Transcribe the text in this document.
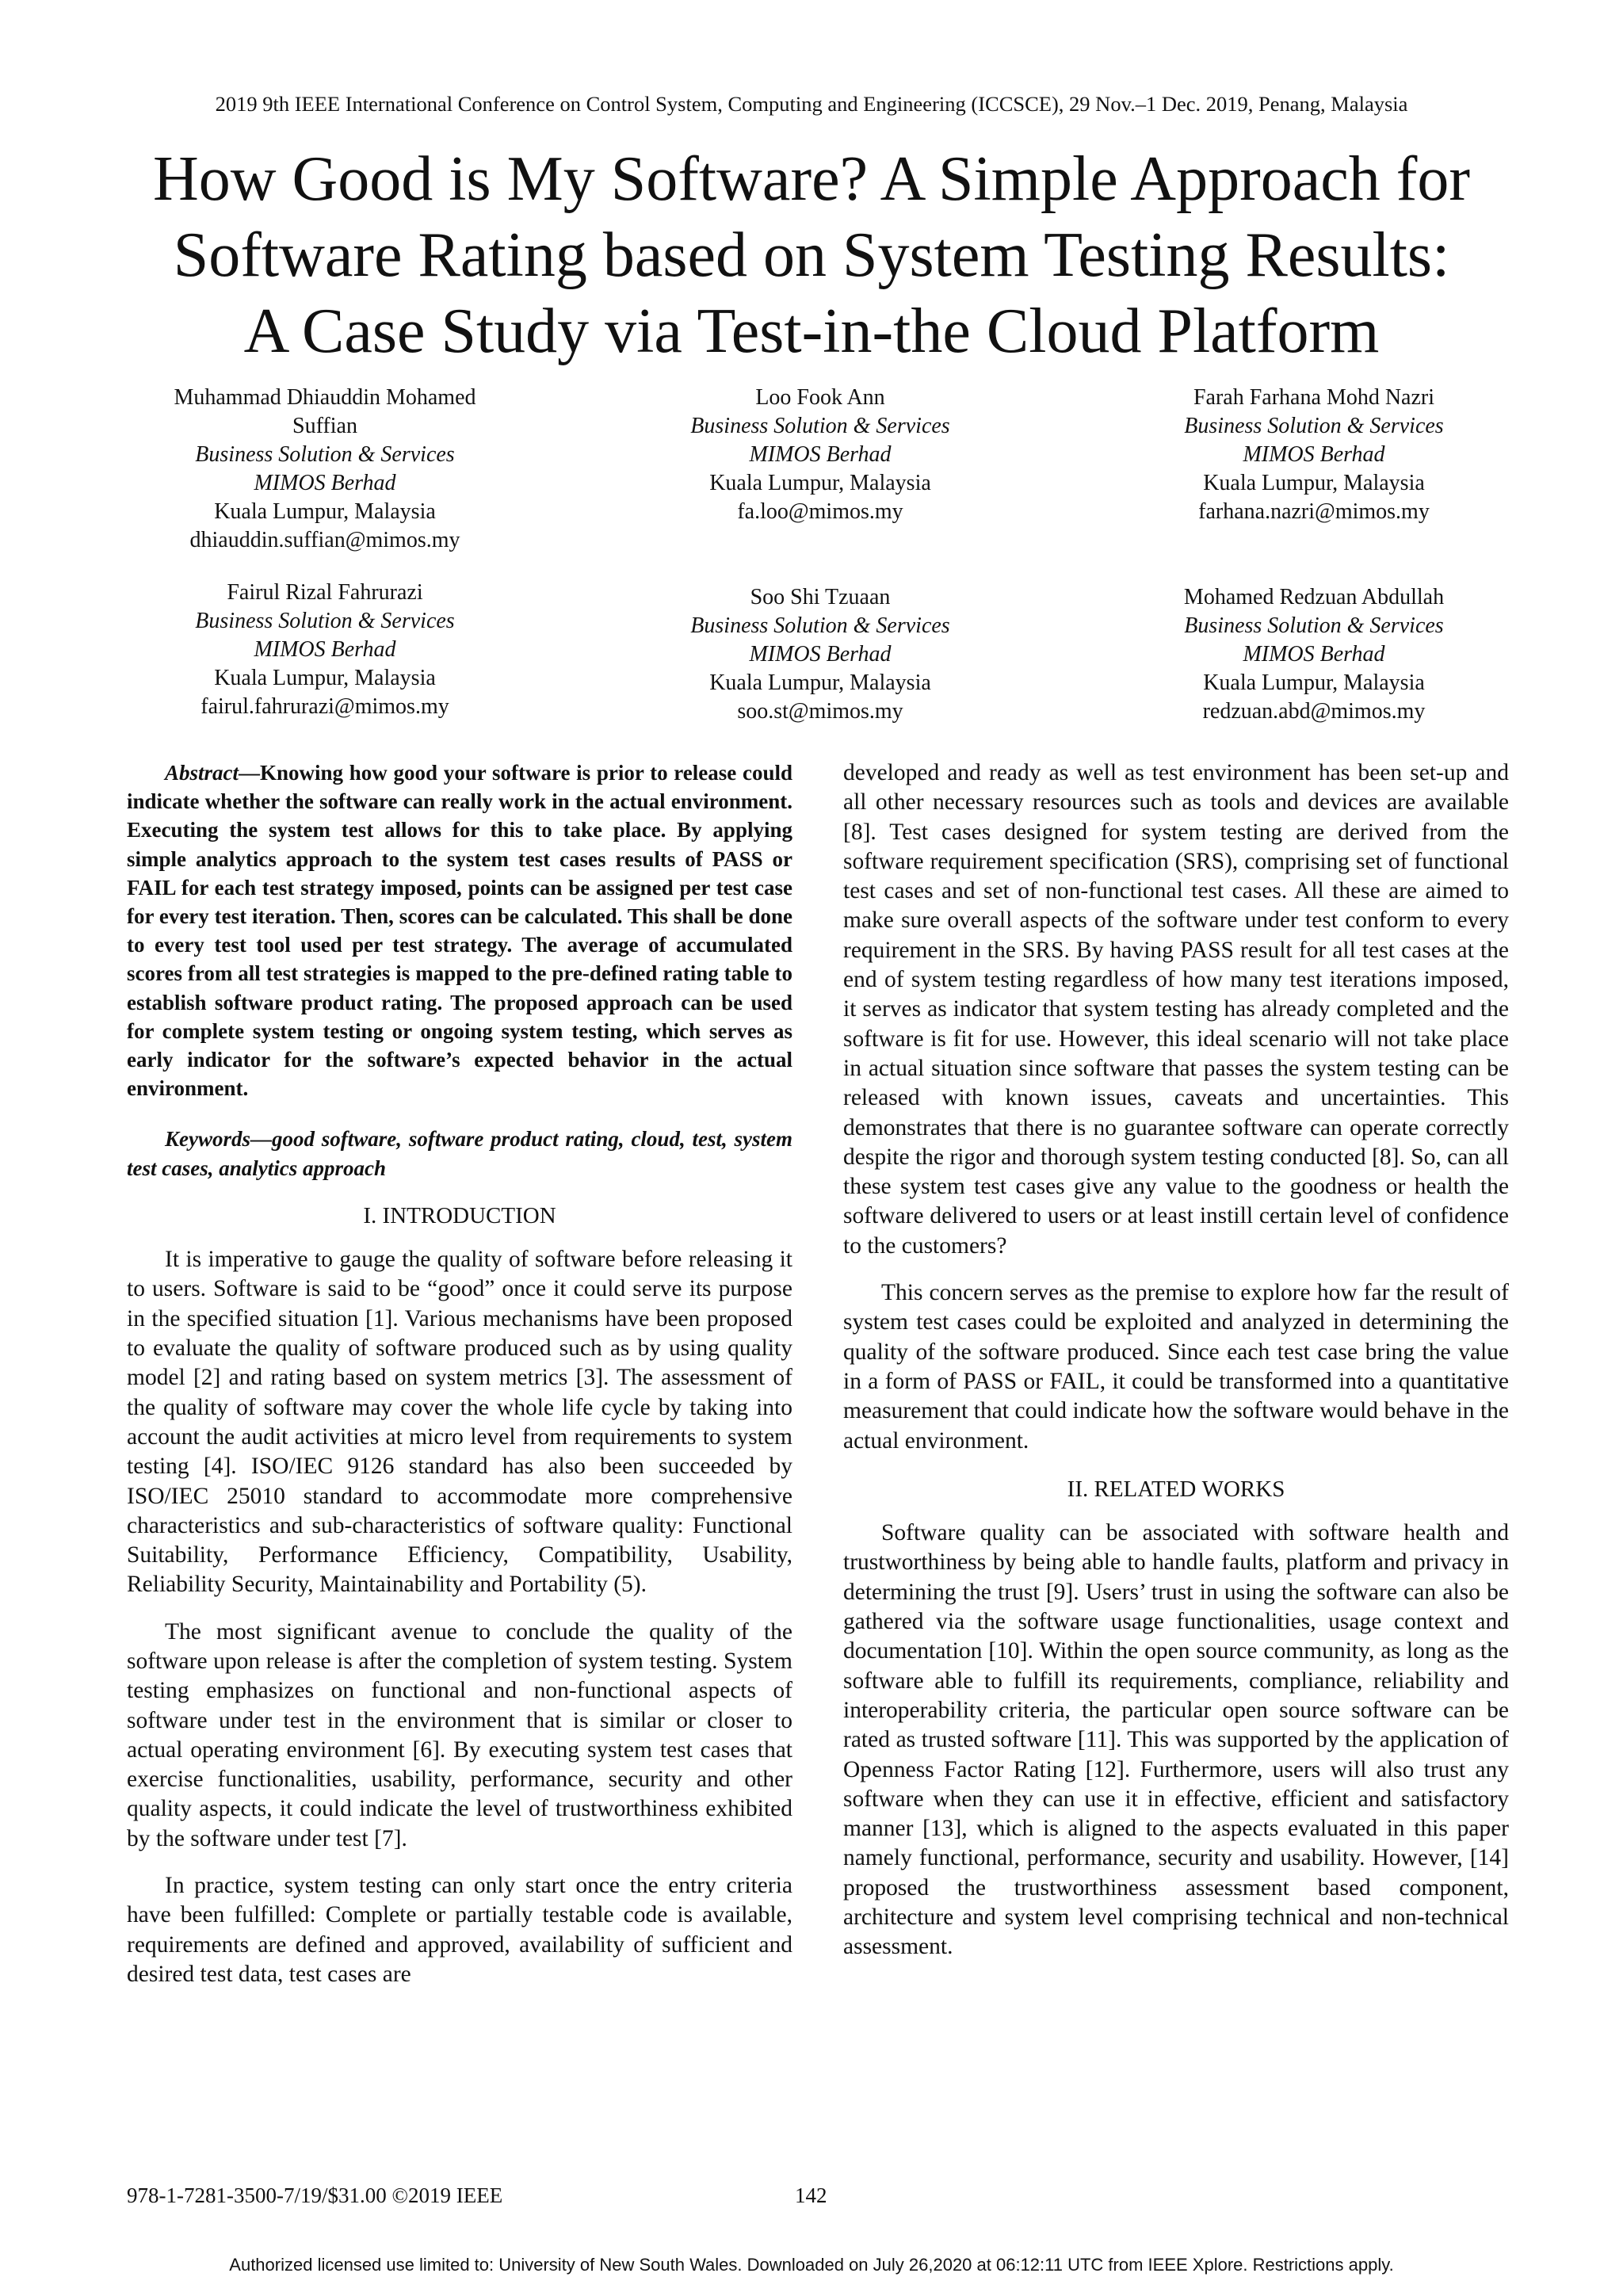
2019 9th IEEE International Conference on Control System, Computing and Engineering (ICCSCE), 29 Nov.–1 Dec. 2019, Penang, Malaysia
How Good is My Software? A Simple Approach for
Software Rating based on System Testing Results:
A Case Study via Test-in-the Cloud Platform
Muhammad Dhiauddin Mohamed
Suffian
Business Solution & Services
MIMOS Berhad
Kuala Lumpur, Malaysia
dhiauddin.suffian@mimos.my
Loo Fook Ann
Business Solution & Services
MIMOS Berhad
Kuala Lumpur, Malaysia
fa.loo@mimos.my
Farah Farhana Mohd Nazri
Business Solution & Services
MIMOS Berhad
Kuala Lumpur, Malaysia
farhana.nazri@mimos.my
Fairul Rizal Fahrurazi
Business Solution & Services
MIMOS Berhad
Kuala Lumpur, Malaysia
fairul.fahrurazi@mimos.my
Soo Shi Tzuaan
Business Solution & Services
MIMOS Berhad
Kuala Lumpur, Malaysia
soo.st@mimos.my
Mohamed Redzuan Abdullah
Business Solution & Services
MIMOS Berhad
Kuala Lumpur, Malaysia
redzuan.abd@mimos.my

Abstract—Knowing how good your software is prior to release could indicate whether the software can really work in the actual environment. Executing the system test allows for this to take place. By applying simple analytics approach to the system test cases results of PASS or FAIL for each test strategy imposed, points can be assigned per test case for every test iteration. Then, scores can be calculated. This shall be done to every test tool used per test strategy. The average of accumulated scores from all test strategies is mapped to the pre-defined rating table to establish software product rating. The proposed approach can be used for complete system testing or ongoing system testing, which serves as early indicator for the software’s expected behavior in the actual environment.

Keywords—good software, software product rating, cloud, test, system test cases, analytics approach

I. INTRODUCTION

It is imperative to gauge the quality of software before releasing it to users. Software is said to be “good” once it could serve its purpose in the specified situation [1]. Various mechanisms have been proposed to evaluate the quality of software produced such as by using quality model [2] and rating based on system metrics [3]. The assessment of the quality of software may cover the whole life cycle by taking into account the audit activities at micro level from requirements to system testing [4]. ISO/IEC 9126 standard has also been succeeded by ISO/IEC 25010 standard to accommodate more comprehensive characteristics and sub-characteristics of software quality: Functional Suitability, Performance Efficiency, Compatibility, Usability, Reliability Security, Maintainability and Portability (5).

The most significant avenue to conclude the quality of the software upon release is after the completion of system testing. System testing emphasizes on functional and non-functional aspects of software under test in the environment that is similar or closer to actual operating environment [6]. By executing system test cases that exercise functionalities, usability, performance, security and other quality aspects, it could indicate the level of trustworthiness exhibited by the software under test [7].

In practice, system testing can only start once the entry criteria have been fulfilled: Complete or partially testable code is available, requirements are defined and approved, availability of sufficient and desired test data, test cases are

developed and ready as well as test environment has been set-up and all other necessary resources such as tools and devices are available [8]. Test cases designed for system testing are derived from the software requirement specification (SRS), comprising set of functional test cases and set of non-functional test cases. All these are aimed to make sure overall aspects of the software under test conform to every requirement in the SRS. By having PASS result for all test cases at the end of system testing regardless of how many test iterations imposed, it serves as indicator that system testing has already completed and the software is fit for use. However, this ideal scenario will not take place in actual situation since software that passes the system testing can be released with known issues, caveats and uncertainties. This demonstrates that there is no guarantee software can operate correctly despite the rigor and thorough system testing conducted [8]. So, can all these system test cases give any value to the goodness or health the software delivered to users or at least instill certain level of confidence to the customers?

This concern serves as the premise to explore how far the result of system test cases could be exploited and analyzed in determining the quality of the software produced. Since each test case bring the value in a form of PASS or FAIL, it could be transformed into a quantitative measurement that could indicate how the software would behave in the actual environment.

II. RELATED WORKS

Software quality can be associated with software health and trustworthiness by being able to handle faults, platform and privacy in determining the trust [9]. Users’ trust in using the software can also be gathered via the software usage functionalities, usage context and documentation [10]. Within the open source community, as long as the software able to fulfill its requirements, compliance, reliability and interoperability criteria, the particular open source software can be rated as trusted software [11]. This was supported by the application of Openness Factor Rating [12]. Furthermore, users will also trust any software when they can use it in effective, efficient and satisfactory manner [13], which is aligned to the aspects evaluated in this paper namely functional, performance, security and usability. However, [14] proposed the trustworthiness assessment based component, architecture and system level comprising technical and non-technical assessment.

978-1-7281-3500-7/19/$31.00 ©2019 IEEE	142
Authorized licensed use limited to: University of New South Wales. Downloaded on July 26,2020 at 06:12:11 UTC from IEEE Xplore. Restrictions apply.
